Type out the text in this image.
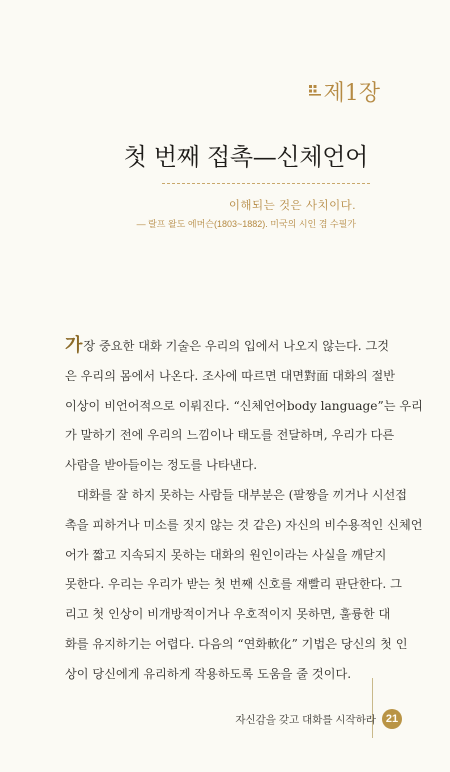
제1장
첫 번째 접촉—신체언어
이해되는 것은 사치이다.
— 랄프 왈도 에머슨(1803~1882). 미국의 시인 겸 수필가
가장 중요한 대화 기술은 우리의 입에서 나오지 않는다. 그것
은 우리의 몸에서 나온다. 조사에 따르면 대면對面 대화의 절반
이상이 비언어적으로 이뤄진다. “신체언어body language”는 우리
가 말하기 전에 우리의 느낌이나 태도를 전달하며, 우리가 다른
사람을 받아들이는 정도를 나타낸다.
대화를 잘 하지 못하는 사람들 대부분은 (팔짱을 끼거나 시선접
촉을 피하거나 미소를 짓지 않는 것 같은) 자신의 비수용적인 신체언
어가 짧고 지속되지 못하는 대화의 원인이라는 사실을 깨닫지
못한다. 우리는 우리가 받는 첫 번째 신호를 재빨리 판단한다. 그
리고 첫 인상이 비개방적이거나 우호적이지 못하면, 훌륭한 대
화를 유지하기는 어렵다. 다음의 “연화軟化” 기법은 당신의 첫 인
상이 당신에게 유리하게 작용하도록 도움을 줄 것이다.
자신감을 갖고 대화를 시작하라 21
